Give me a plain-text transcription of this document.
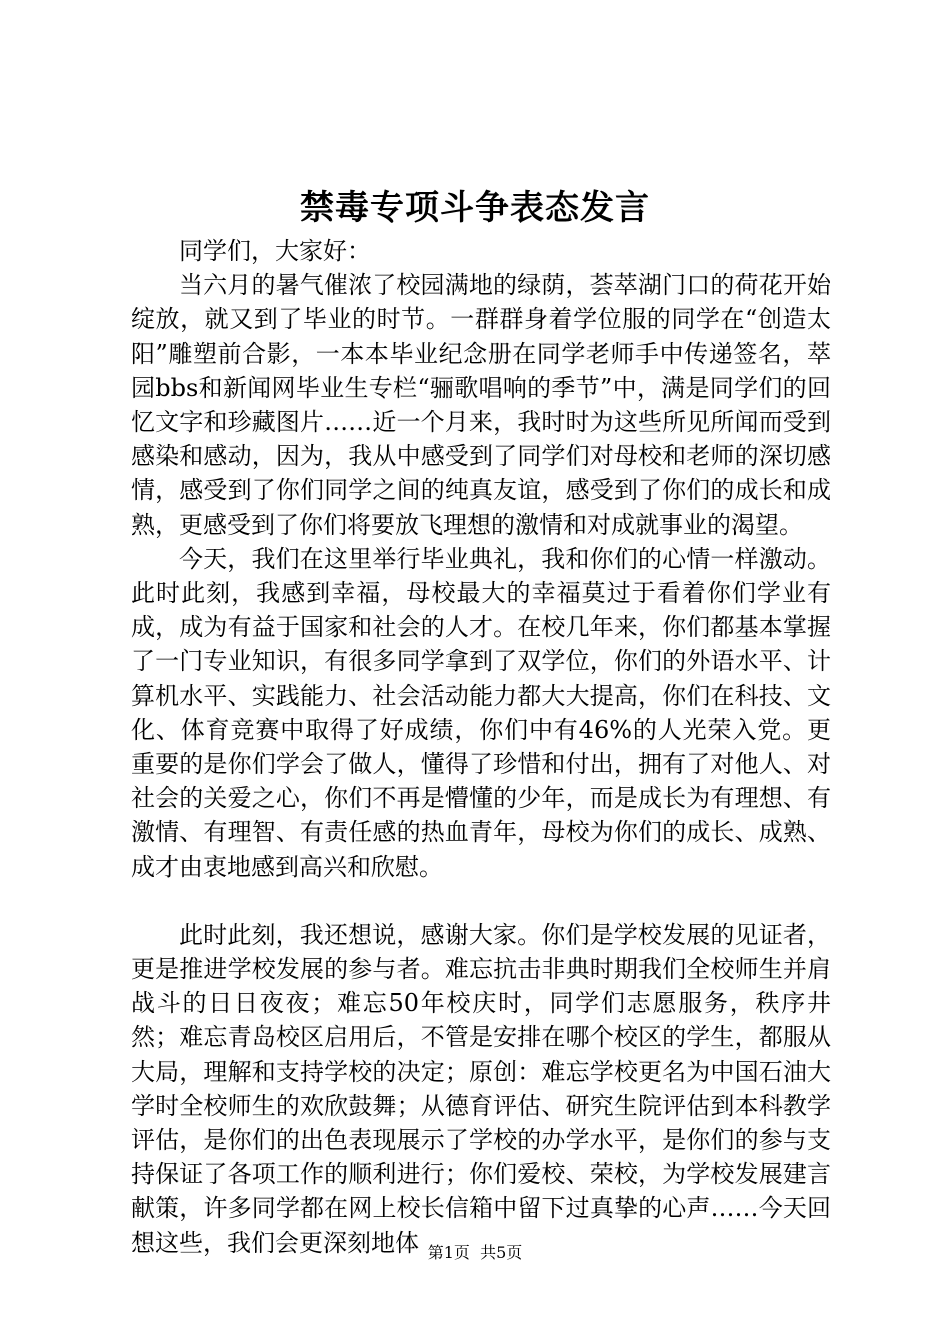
禁毒专项斗争表态发言

同学们，大家好：

当六月的暑气催浓了校园满地的绿荫，荟萃湖门口的荷花开始绽放，就又到了毕业的时节。一群群身着学位服的同学在“创造太阳”雕塑前合影，一本本毕业纪念册在同学老师手中传递签名，萃园bbs和新闻网毕业生专栏“骊歌唱响的季节”中，满是同学们的回忆文字和珍藏图片……近一个月来，我时时为这些所见所闻而受到感染和感动，因为，我从中感受到了同学们对母校和老师的深切感情，感受到了你们同学之间的纯真友谊，感受到了你们的成长和成熟，更感受到了你们将要放飞理想的激情和对成就事业的渴望。

今天，我们在这里举行毕业典礼，我和你们的心情一样激动。此时此刻，我感到幸福，母校最大的幸福莫过于看着你们学业有成，成为有益于国家和社会的人才。在校几年来，你们都基本掌握了一门专业知识，有很多同学拿到了双学位，你们的外语水平、计算机水平、实践能力、社会活动能力都大大提高，你们在科技、文化、体育竞赛中取得了好成绩，你们中有46%的人光荣入党。更重要的是你们学会了做人，懂得了珍惜和付出，拥有了对他人、对社会的关爱之心，你们不再是懵懂的少年，而是成长为有理想、有激情、有理智、有责任感的热血青年，母校为你们的成长、成熟、成才由衷地感到高兴和欣慰。

此时此刻，我还想说，感谢大家。你们是学校发展的见证者，更是推进学校发展的参与者。难忘抗击非典时期我们全校师生并肩战斗的日日夜夜；难忘50年校庆时，同学们志愿服务，秩序井然；难忘青岛校区启用后，不管是安排在哪个校区的学生，都服从大局，理解和支持学校的决定；原创：难忘学校更名为中国石油大学时全校师生的欢欣鼓舞；从德育评估、研究生院评估到本科教学评估，是你们的出色表现展示了学校的办学水平，是你们的参与支持保证了各项工作的顺利进行；你们爱校、荣校，为学校发展建言献策，许多同学都在网上校长信箱中留下过真挚的心声……今天回想这些，我们会更深刻地体 第1页 共5页
